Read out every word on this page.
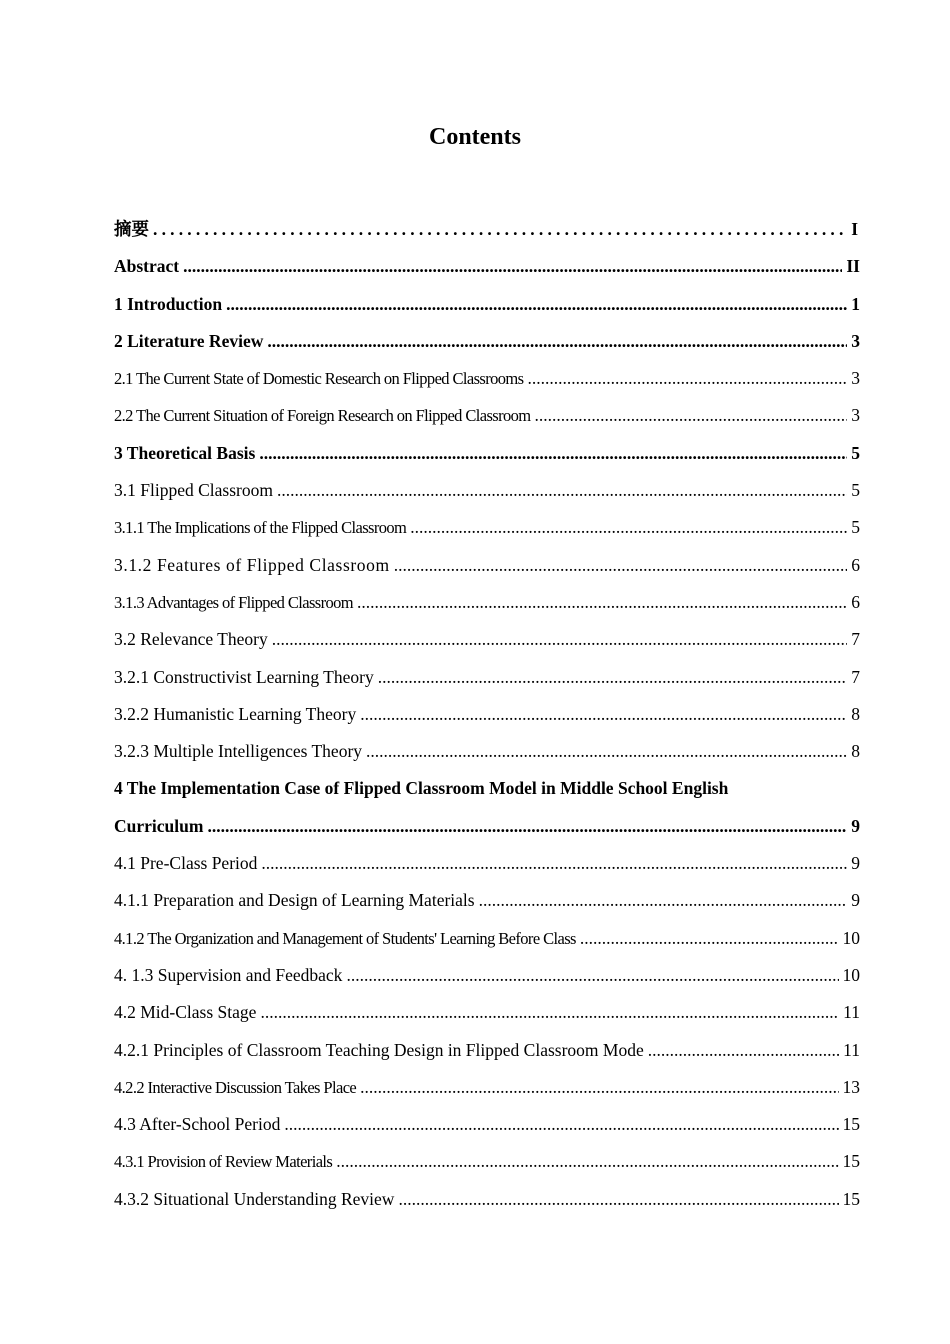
Contents
摘要 .....	I
Abstract .....	II
1 Introduction .....	1
2 Literature Review .....	3
2.1 The Current State of Domestic Research on Flipped Classrooms .....	3
2.2 The Current Situation of Foreign Research on Flipped Classroom .....	3
3 Theoretical Basis .....	5
3.1 Flipped Classroom .....	5
3.1.1 The Implications of the Flipped Classroom .....	5
3.1.2 Features of Flipped Classroom .....	6
3.1.3 Advantages of Flipped Classroom .....	6
3.2 Relevance Theory .....	7
3.2.1 Constructivist Learning Theory .....	7
3.2.2 Humanistic Learning Theory .....	8
3.2.3 Multiple Intelligences Theory .....	8
4 The Implementation Case of Flipped Classroom Model in Middle School English
Curriculum .....	9
4.1 Pre-Class Period .....	9
4.1.1 Preparation and Design of Learning Materials .....	9
4.1.2 The Organization and Management of Students' Learning Before Class .....	10
4. 1.3 Supervision and Feedback .....	10
4.2 Mid-Class Stage .....	11
4.2.1 Principles of Classroom Teaching Design in Flipped Classroom Mode .....	11
4.2.2 Interactive Discussion Takes Place .....	13
4.3 After-School Period .....	15
4.3.1 Provision of Review Materials .....	15
4.3.2 Situational Understanding Review .....	15
